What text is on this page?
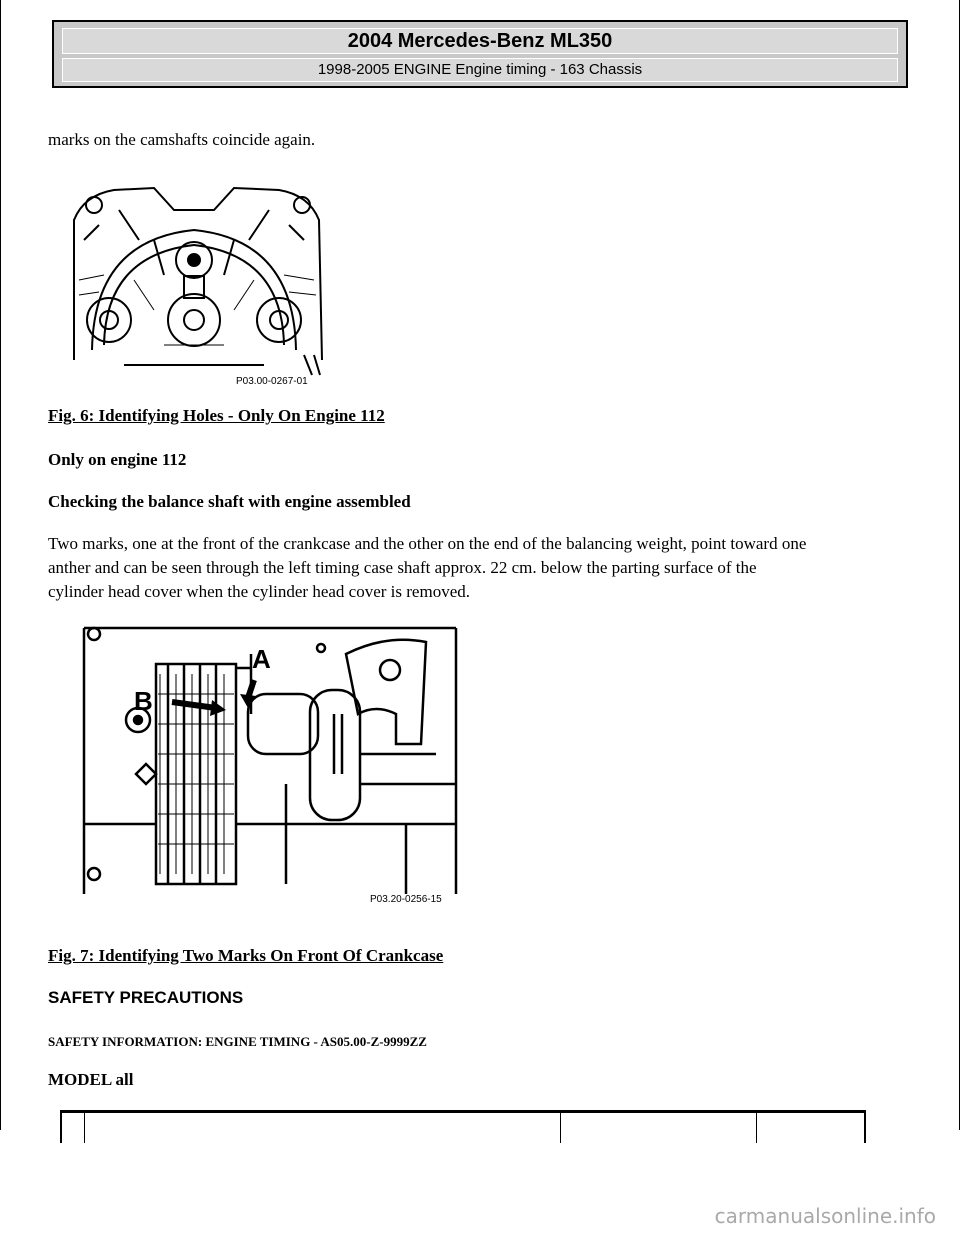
2004 Mercedes-Benz ML350
1998-2005 ENGINE Engine timing - 163 Chassis

marks on the camshafts coincide again.

P03.00-0267-01

Fig. 6: Identifying Holes - Only On Engine 112

Only on engine 112

Checking the balance shaft with engine assembled

Two marks, one at the front of the crankcase and the other on the end of the balancing weight, point toward one

anther and can be seen through the left timing case shaft approx. 22 cm. below the parting surface of the

cylinder head cover when the cylinder head cover is removed.

B
A
P03.20-0256-15

Fig. 7: Identifying Two Marks On Front Of Crankcase

SAFETY PRECAUTIONS

SAFETY INFORMATION: ENGINE TIMING - AS05.00-Z-9999ZZ

MODEL all

carmanualsonline.info
